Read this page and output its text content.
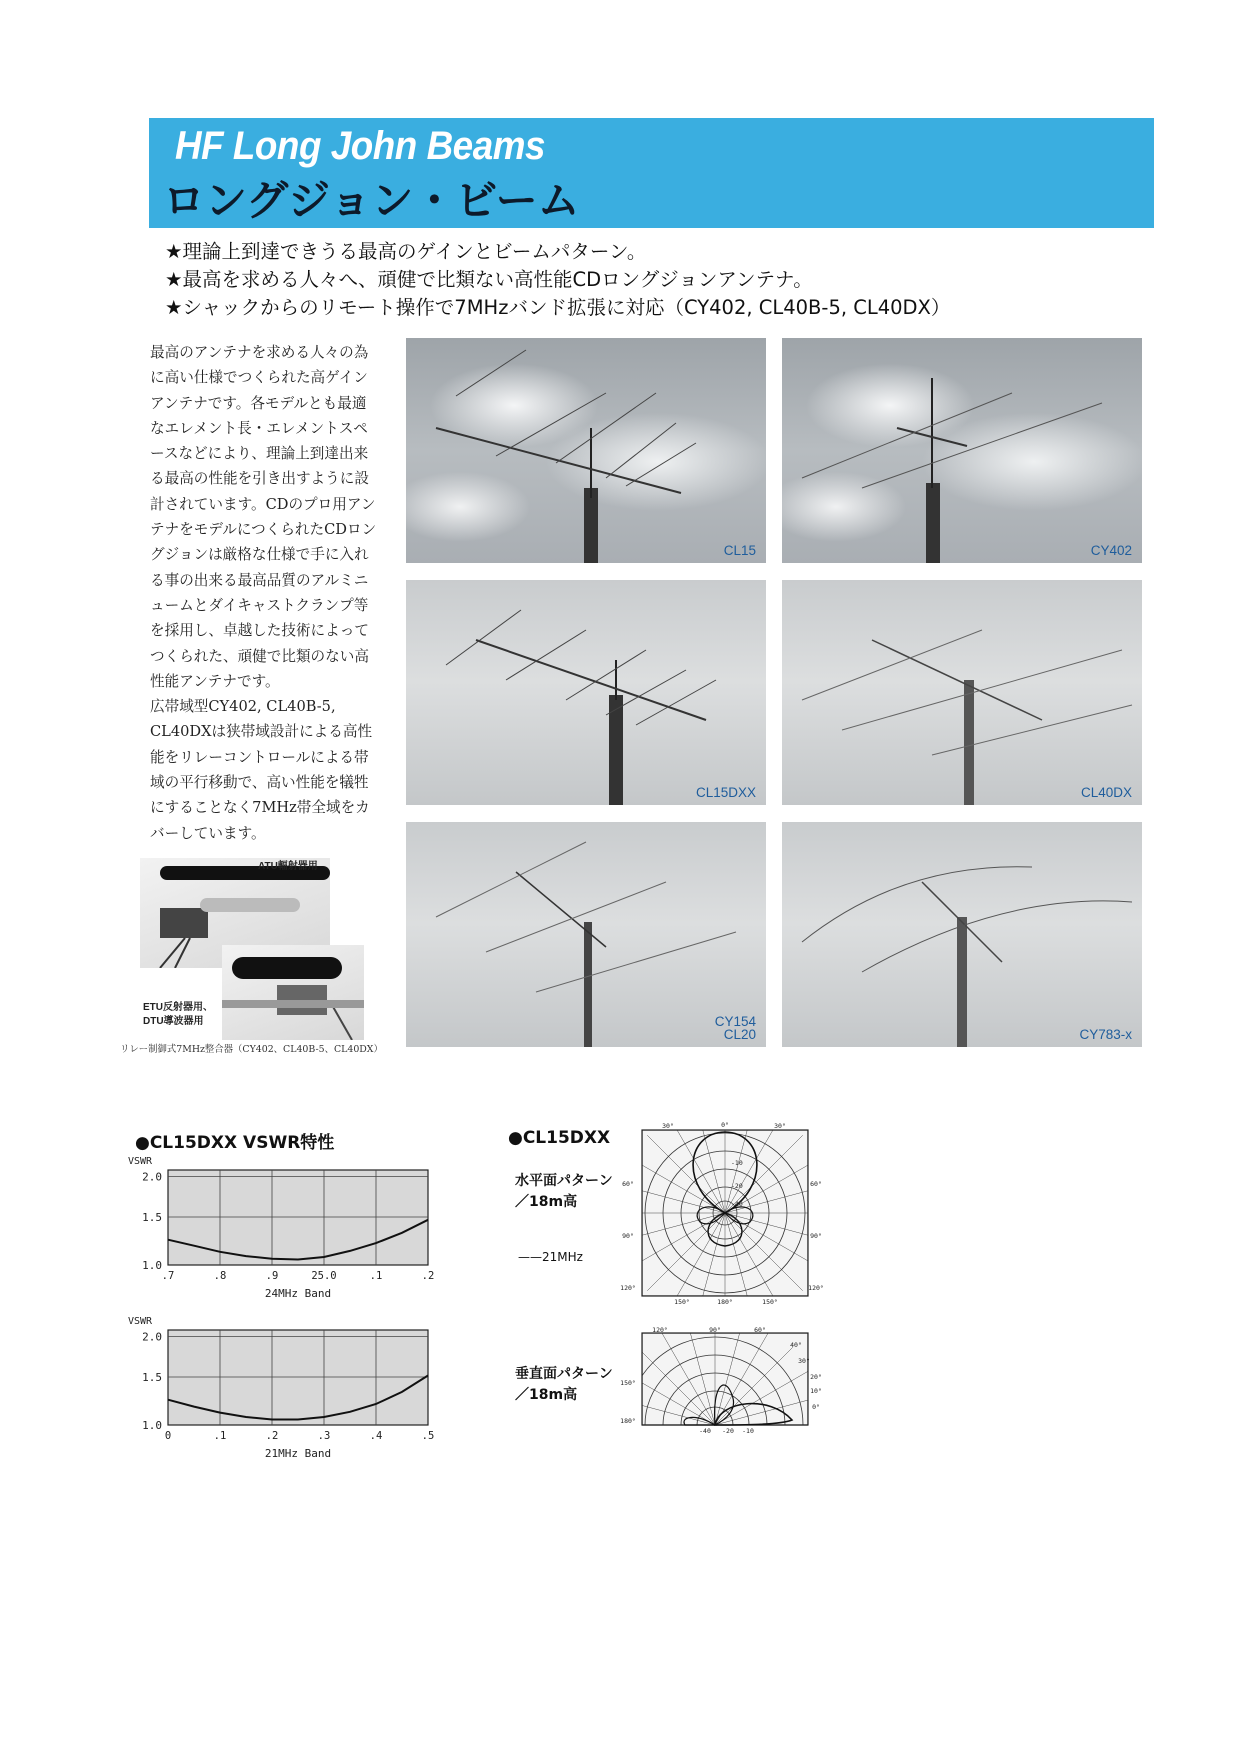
HF Long John Beams
ロングジョン・ビーム
★理論上到達できうる最高のゲインとビームパターン。
★最高を求める人々へ、頑健で比類ない高性能CDロングジョンアンテナ。
★シャックからのリモート操作で7MHzバンド拡張に対応（CY402, CL40B-5, CL40DX）

最高のアンテナを求める人々の為に高い仕様でつくられた高ゲインアンテナです。各モデルとも最適なエレメント長・エレメントスペースなどにより、理論上到達出来る最高の性能を引き出すように設計されています。CDのプロ用アンテナをモデルにつくられたCDロングジョンは厳格な仕様で手に入れる事の出来る最高品質のアルミニュームとダイキャストクランプ等を採用し、卓越した技術によってつくられた、頑健で比類のない高性能アンテナです。

広帯域型CY402, CL40B-5, CL40DXは狭帯域設計による高性能をリレーコントロールによる帯域の平行移動で、高い性能を犠牲にすることなく7MHz帯全域をカバーしています。

CL15	CY402
CL15DXX	CL40DX
CY154
CL20	CY783-x
ATU輻射器用
ETU反射器用、
DTU導波器用
リレー制御式7MHz整合器（CY402、CL40B-5、CL40DX）
●CL15DXX VSWR特性
VSWR
2.0
1.5
1.0
.7	.8	.9	25.0	.1	.2
24MHz Band
VSWR
2.0
1.5
1.0
0	.1	.2	.3	.4	.5
21MHz Band
●CL15DXX
水平面パターン
／18m高
——21MHz
垂直面パターン
／18m高
0°
30°	30°
60°	60°
90°	90°
120°	120°
150°	180°	150°
-10
-20
-40
120°	90°	60°
40°
30°
20°
10°
0°
150°
180°
-40 -20 -10
